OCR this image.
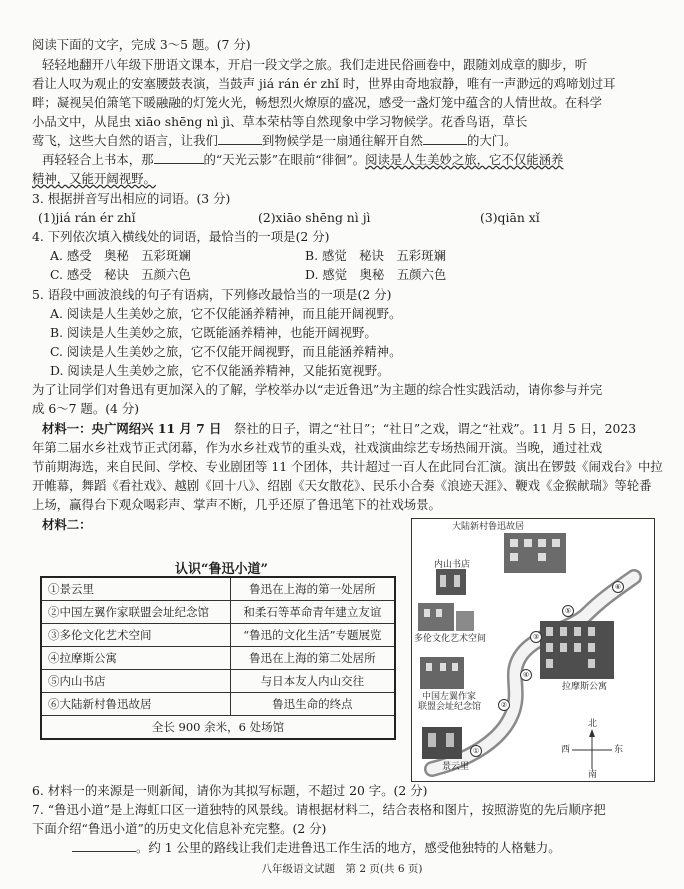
阅读下面的文字，完成 3～5 题。(7 分)
轻轻地翻开八年级下册语文课本，开启一段文学之旅。我们走进民俗画卷中，跟随刘成章的脚步，听
看让人叹为观止的安塞腰鼓表演，当鼓声 jiá rán ér zhǐ 时，世界由奇地寂静，唯有一声渺远的鸡啼划过耳
畔；凝视吴伯箫笔下暖融融的灯笼火光，畅想烈火燎原的盛况，感受一盏灯笼中蕴含的人情世故。在科学
小品文中，从昆虫 xiāo shēng nì jì、草本荣枯等自然现象中学习物候学。花香鸟语，草长
莺飞，这些大自然的语言，让我们	到物候学是一扇通往解开自然	的大门。
再轻轻合上书本，那	的“天光云影”在眼前“徘徊”。阅读是人生美妙之旅，它不仅能涵养
精神，又能开阔视野。
3. 根据拼音写出相应的词语。(3 分)
(1)jiá rán ér zhǐ	(2)xiāo shēng nì jì	(3)qiān xǐ
4. 下列依次填入横线处的词语，最恰当的一项是(2 分)
A. 感受　奥秘　五彩斑斓	B. 感觉　秘诀　五彩斑斓
C. 感受　秘诀　五颜六色	D. 感觉　奥秘　五颜六色
5. 语段中画波浪线的句子有语病，下列修改最恰当的一项是(2 分)
A. 阅读是人生美妙之旅，它不仅能涵养精神，而且能开阔视野。
B. 阅读是人生美妙之旅，它既能涵养精神，也能开阔视野。
C. 阅读是人生美妙之旅，它不仅能开阔视野，而且能涵养精神。
D. 阅读是人生美妙之旅，它不仅能涵养精神，又能拓宽视野。
为了让同学们对鲁迅有更加深入的了解，学校举办以“走近鲁迅”为主题的综合性实践活动，请你参与并完
成 6～7 题。(4 分)
材料一：央广网绍兴 11 月 7 日　 祭社的日子，谓之“社日”；“社日”之戏，谓之“社戏”。11 月 5 日，2023
年第二届水乡社戏节正式闭幕，作为水乡社戏节的重头戏，社戏演曲综艺专场热闹开演。当晚，通过社戏
节前期海选，来自民间、学校、专业剧团等 11 个团体，共计超过一百人在此同台汇演。演出在锣鼓《闹戏台》中拉
开帷幕，舞蹈《看社戏》、越剧《回十八》、绍剧《天女散花》、民乐小合奏《浪迹天涯》、鞭戏《金猴献瑞》等轮番
上场，赢得台下观众喝彩声、掌声不断，几乎还原了鲁迅笔下的社戏场景。
材料二：
认识“鲁迅小道”
①景云里	鲁迅在上海的第一处居所
②中国左翼作家联盟会址纪念馆	和柔石等革命青年建立友谊
③多伦文化艺术空间	“鲁迅的文化生活”专题展览
④拉摩斯公寓	鲁迅在上海的第二处居所
⑤内山书店	与日本友人内山交往
⑥大陆新村鲁迅故居	鲁迅生命的终点
全长 900 余米，6 处场馆	
大陆新村鲁迅故居
内山书店
多伦文化艺术空间
拉摩斯公寓
中国左翼作家
联盟会址纪念馆
景云里
北
南
西	东
⑥
⑤
③
④
②
①
6. 材料一的来源是一则新闻，请你为其拟写标题，不超过 20 字。(2 分)
7. “鲁迅小道”是上海虹口区一道独特的风景线。请根据材料二，结合表格和图片，按照游览的先后顺序把
下面介绍“鲁迅小道”的历史文化信息补充完整。(2 分)
。约 1 公里的路线让我们走进鲁迅工作生活的地方，感受他独特的人格魅力。
八年级语文试题　第 2 页(共 6 页)
